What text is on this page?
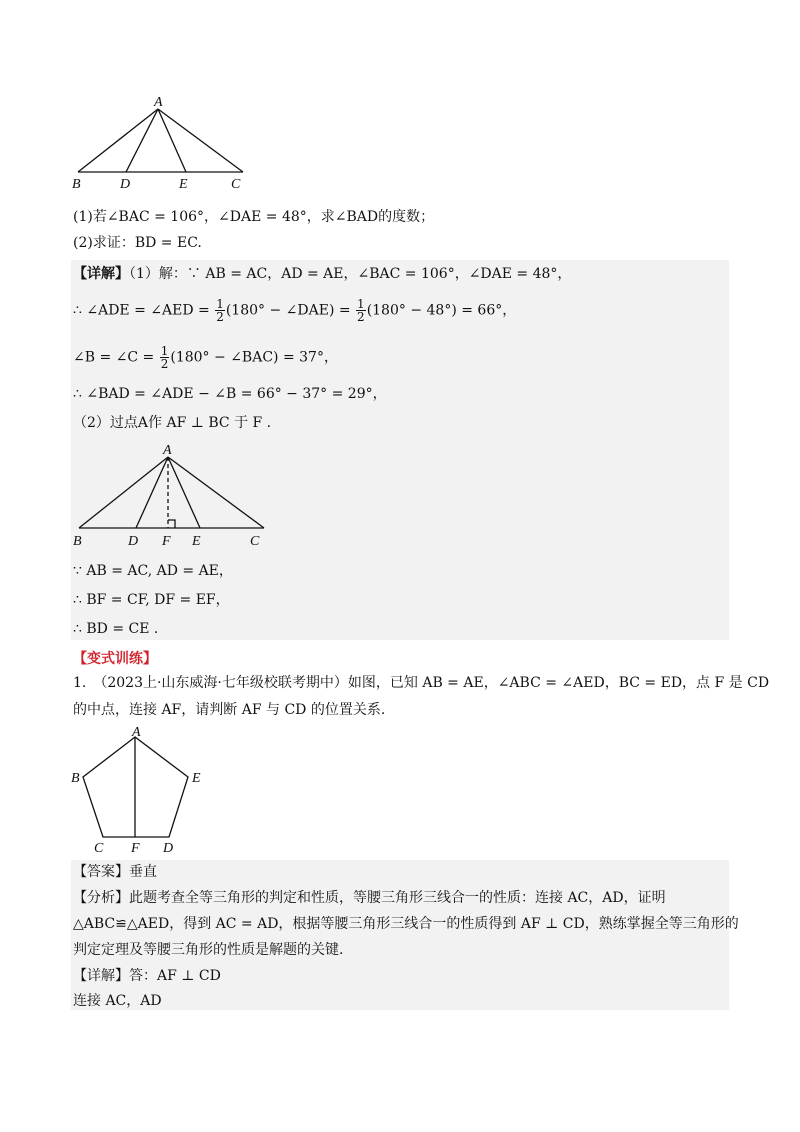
A
B	D	E	C
(1)若∠BAC = 106°，∠DAE = 48°，求∠BAD的度数；
(2)求证：BD = EC.
【详解】（1）解：∵ AB = AC，AD = AE，∠BAC = 106°，∠DAE = 48°，
∴ ∠ADE = ∠AED = $\frac{1}{2} (180^\circ$ − ∠DAE) = $\frac{1}{2} (180^\circ - 48^\circ) = 66^\circ$，
∠B = ∠C = $\frac{1}{2} (180^\circ$ − ∠BAC) = 37°，
∴ ∠BAD = ∠ADE − ∠B = 66° − 37° = 29°，
（2）过点A作 AF ⊥ BC 于 F .
A
B	D F E	C
∵ AB = AC, AD = AE，
∴ BF = CF, DF = EF，
∴ BD = CE .
【变式训练】
1.　（2023上·山东威海·七年级校联考期中）如图，已知 AB = AE，∠ABC = ∠AED，BC = ED，点 F 是 CD
的中点，连接 AF，请判断 AF 与 CD 的位置关系.
A
B	E
C F D
【答案】垂直
【分析】此题考查全等三角形的判定和性质，等腰三角形三线合一的性质：连接 AC，AD，证明
△ABC≌△AED，得到 AC = AD，根据等腰三角形三线合一的性质得到 AF ⊥ CD，熟练掌握全等三角形的
判定定理及等腰三角形的性质是解题的关键.
【详解】答：AF ⊥ CD
连接 AC，AD
